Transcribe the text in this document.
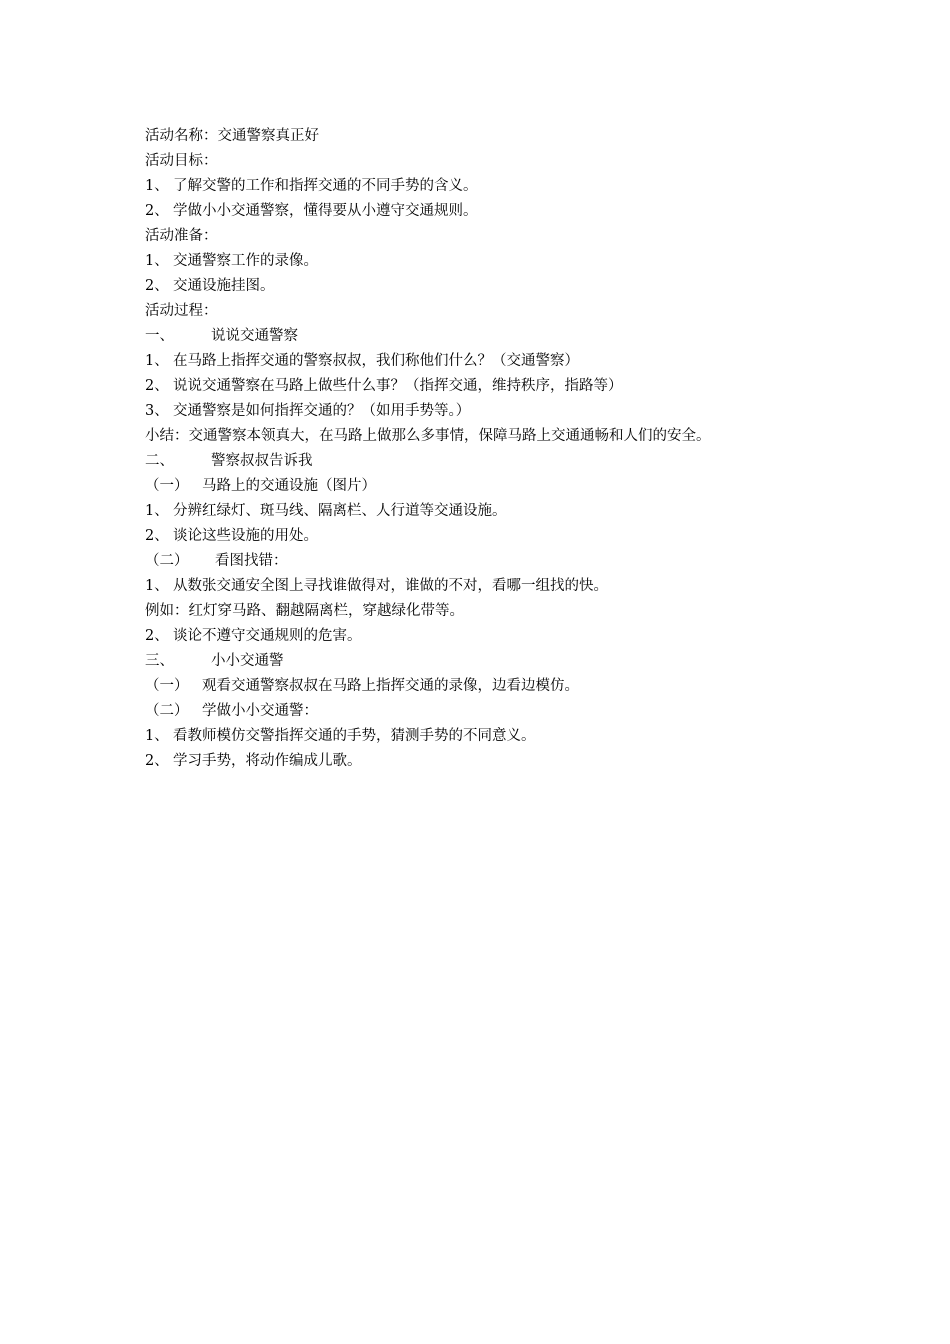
活动名称：交通警察真正好
活动目标：
1、 了解交警的工作和指挥交通的不同手势的含义。
2、 学做小小交通警察，懂得要从小遵守交通规则。
活动准备：
1、 交通警察工作的录像。
2、 交通设施挂图。
活动过程：
一、	说说交通警察
1、 在马路上指挥交通的警察叔叔，我们称他们什么？（交通警察）
2、 说说交通警察在马路上做些什么事？（指挥交通，维持秩序，指路等）
3、 交通警察是如何指挥交通的？（如用手势等。）
小结：交通警察本领真大，在马路上做那么多事情，保障马路上交通通畅和人们的安全。
二、	警察叔叔告诉我
（一） 马路上的交通设施（图片）
1、 分辨红绿灯、斑马线、隔离栏、人行道等交通设施。
2、 谈论这些设施的用处。
（二） 看图找错：
1、 从数张交通安全图上寻找谁做得对，谁做的不对，看哪一组找的快。
例如：红灯穿马路、翻越隔离栏，穿越绿化带等。
2、 谈论不遵守交通规则的危害。
三、	小小交通警
（一） 观看交通警察叔叔在马路上指挥交通的录像，边看边模仿。
（二） 学做小小交通警：
1、 看教师模仿交警指挥交通的手势，猜测手势的不同意义。
2、 学习手势，将动作编成儿歌。
